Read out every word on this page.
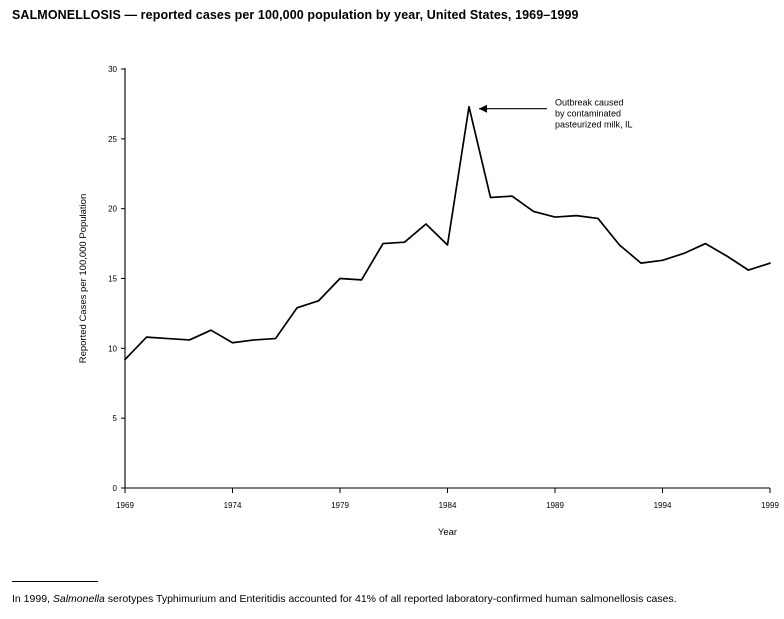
SALMONELLOSIS — reported cases per 100,000 population by year, United States, 1969–1999
0
5
10
15
20
25
30
1969	1974	1979	1984	1989	1994	1999
Year
Reported Cases per 100,000 Population
Outbreak caused
by contaminated
pasteurized milk, IL
In 1999, Salmonella serotypes Typhimurium and Enteritidis accounted for 41% of all reported laboratory-confirmed human salmonellosis cases.
